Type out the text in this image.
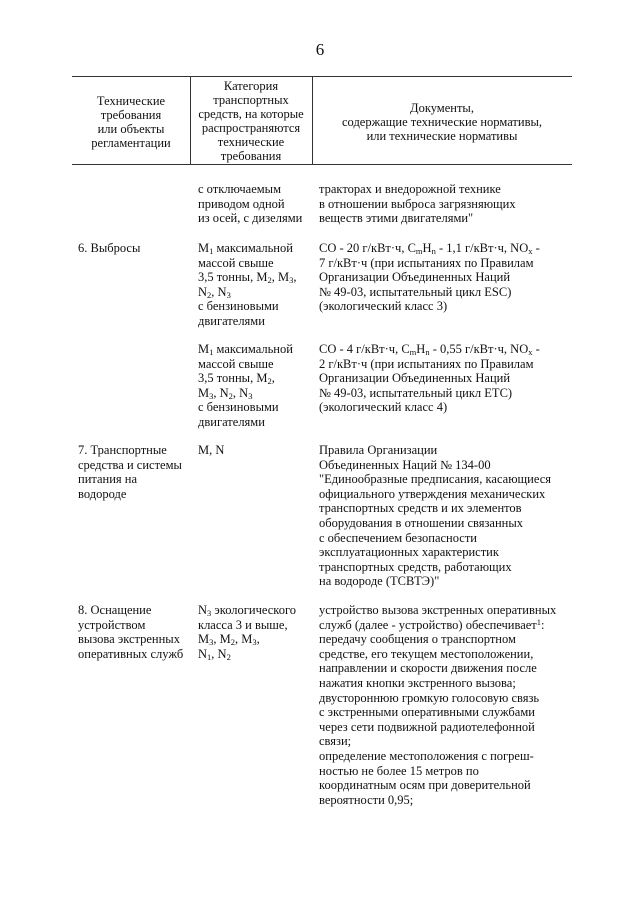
6
Технические
требования
или объекты
регламентации
Категория
транспортных
средств, на которые
распространяются
технические
требования
Документы,
содержащие технические нормативы,
или технические нормативы

с отключаемым

приводом одной

из осей, с дизелями

тракторах и внедорожной технике

в отношении выброса загрязняющих

веществ этими двигателями"

6. Выбросы	$M_1$ максимальной

массой свыше

3,5 тонны, $M_2$, $M_3$,

$N_2$, $N_3$

с бензиновыми

двигателями

CO - 20 г/кВт·ч, $C_mH_n - 1,1$ г/кВт·ч, $NO_x$ -

7 г/кВт·ч (при испытаниях по Правилам

Организации Объединенных Наций

№ 49-03, испытательный цикл ESC)

(экологический класс 3)

$M_1$ максимальной

массой свыше

3,5 тонны, $M_2$,

$M_3$, $N_2$, $N_3$

с бензиновыми

двигателями

CO - 4 г/кВт·ч, $C_mH_n - 0,55$ г/кВт·ч, $NO_x$ -

2 г/кВт·ч (при испытаниях по Правилам

Организации Объединенных Наций

№ 49-03, испытательный цикл ETC)

(экологический класс 4)

7. Транспортные

средства и системы

питания на

водороде

M, N	Правила Организации

Объединенных Наций № 134-00

"Единообразные предписания, касающиеся

официального утверждения механических

транспортных средств и их элементов

оборудования в отношении связанных

с обеспечением безопасности

эксплуатационных характеристик

транспортных средств, работающих

на водороде (ТСВТЭ)"

8. Оснащение

устройством

вызова экстренных

оперативных служб

$N_3$ экологического

класса 3 и выше,

$M_3$, $M_2$, $M_3$,

$N_1$, $N_2$

устройство вызова экстренных оперативных

служб (далее - устройство) обеспечивает$^1$:

передачу сообщения о транспортном

средстве, его текущем местоположении,

направлении и скорости движения после

нажатия кнопки экстренного вызова;

двустороннюю громкую голосовую связь

с экстренными оперативными службами

через сети подвижной радиотелефонной

связи;

определение местоположения с погреш-

ностью не более 15 метров по

координатным осям при доверительной

вероятности 0,95;
